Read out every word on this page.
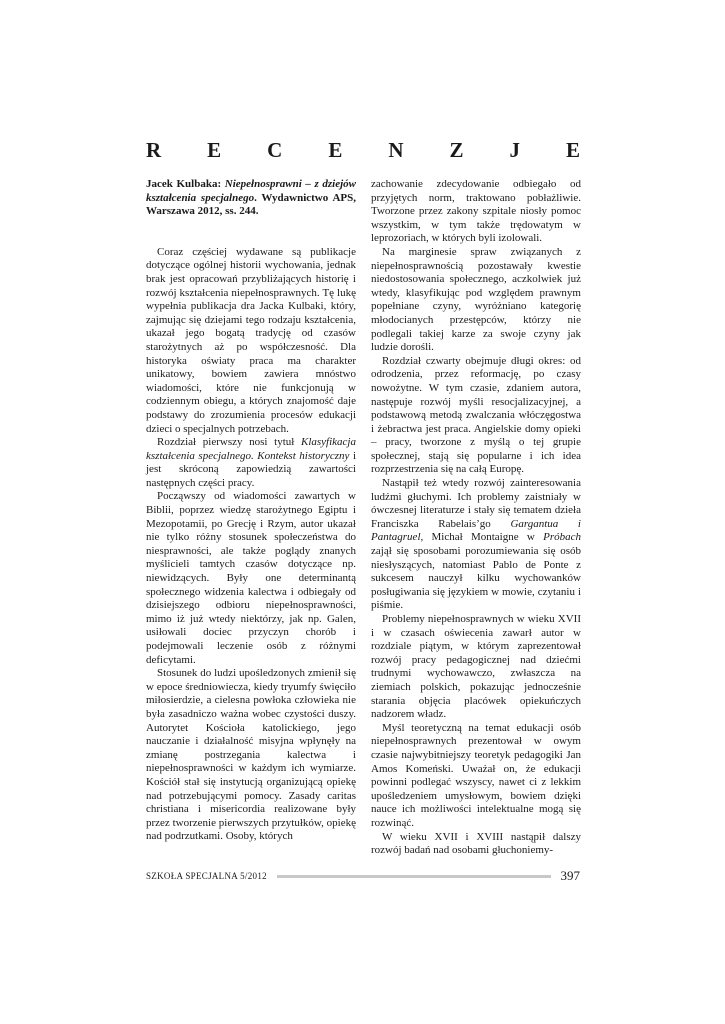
R E C E N Z J E

Jacek Kulbaka: Niepełnosprawni – z dziejów kształcenia specjalnego. Wydawnictwo APS, Warszawa 2012, ss. 244.

Coraz częściej wydawane są publikacje dotyczące ogólnej historii wychowania, jednak brak jest opracowań przybliżających historię i rozwój kształcenia niepełnosprawnych. Tę lukę wypełnia publikacja dra Jacka Kulbaki, który, zajmując się dziejami tego rodzaju kształcenia, ukazał jego bogatą tradycję od czasów starożytnych aż po współczesność. Dla historyka oświaty praca ma charakter unikatowy, bowiem zawiera mnóstwo wiadomości, które nie funkcjonują w codziennym obiegu, a których znajomość daje podstawy do zrozumienia procesów edukacji dzieci o specjalnych potrzebach.

Rozdział pierwszy nosi tytuł Klasyfikacja kształcenia specjalnego. Kontekst historyczny i jest skróconą zapowiedzią zawartości następnych części pracy.

Począwszy od wiadomości zawartych w Biblii, poprzez wiedzę starożytnego Egiptu i Mezopotamii, po Grecję i Rzym, autor ukazał nie tylko różny stosunek społeczeństwa do niesprawności, ale także poglądy znanych myślicieli tamtych czasów dotyczące np. niewidzących. Były one determinantą społecznego widzenia kalectwa i odbiegały od dzisiejszego odbioru niepełnosprawności, mimo iż już wtedy niektórzy, jak np. Galen, usiłowali dociec przyczyn chorób i podejmowali leczenie osób z różnymi deficytami.

Stosunek do ludzi upośledzonych zmienił się w epoce średniowiecza, kiedy tryumfy święciło miłosierdzie, a cielesna powłoka człowieka nie była zasadniczo ważna wobec czystości duszy. Autorytet Kościoła katolickiego, jego nauczanie i działalność misyjna wpłynęły na zmianę postrzegania kalectwa i niepełnosprawności w każdym ich wymiarze. Kościół stał się instytucją organizującą opiekę nad potrzebującymi pomocy. Zasady caritas christiana i misericordia realizowane były przez tworzenie pierwszych przytułków, opiekę nad podrzutkami. Osoby, których

zachowanie zdecydowanie odbiegało od przyjętych norm, traktowano pobłażliwie. Tworzone przez zakony szpitale niosły pomoc wszystkim, w tym także trędowatym w leprozoriach, w których byli izolowali.

Na marginesie spraw związanych z niepełnosprawnością pozostawały kwestie niedostosowania społecznego, aczkolwiek już wtedy, klasyfikując pod względem prawnym popełniane czyny, wyróżniano kategorię młodocianych przestępców, którzy nie podlegali takiej karze za swoje czyny jak ludzie dorośli.

Rozdział czwarty obejmuje długi okres: od odrodzenia, przez reformację, po czasy nowożytne. W tym czasie, zdaniem autora, następuje rozwój myśli resocjalizacyjnej, a podstawową metodą zwalczania włóczęgostwa i żebractwa jest praca. Angielskie domy opieki – pracy, tworzone z myślą o tej grupie społecznej, stają się popularne i ich idea rozprzestrzenia się na całą Europę.

Nastąpił też wtedy rozwój zainteresowania ludźmi głuchymi. Ich problemy zaistniały w ówczesnej literaturze i stały się tematem dzieła Franciszka Rabelais’go Gargantua i Pantagruel, Michał Montaigne w Próbach zajął się sposobami porozumiewania się osób niesłyszących, natomiast Pablo de Ponte z sukcesem nauczył kilku wychowanków posługiwania się językiem w mowie, czytaniu i piśmie.

Problemy niepełnosprawnych w wieku XVII i w czasach oświecenia zawarł autor w rozdziale piątym, w którym zaprezentował rozwój pracy pedagogicznej nad dziećmi trudnymi wychowawczo, zwłaszcza na ziemiach polskich, pokazując jednocześnie starania objęcia placówek opiekuńczych nadzorem władz.

Myśl teoretyczną na temat edukacji osób niepełnosprawnych prezentował w owym czasie najwybitniejszy teoretyk pedagogiki Jan Amos Komeński. Uważał on, że edukacji powinni podlegać wszyscy, nawet ci z lekkim upośledzeniem umysłowym, bowiem dzięki nauce ich możliwości intelektualne mogą się rozwinąć.

W wieku XVII i XVIII nastąpił dalszy rozwój badań nad osobami głuchoniemy-

SZKOŁA SPECJALNA 5/2012	397
